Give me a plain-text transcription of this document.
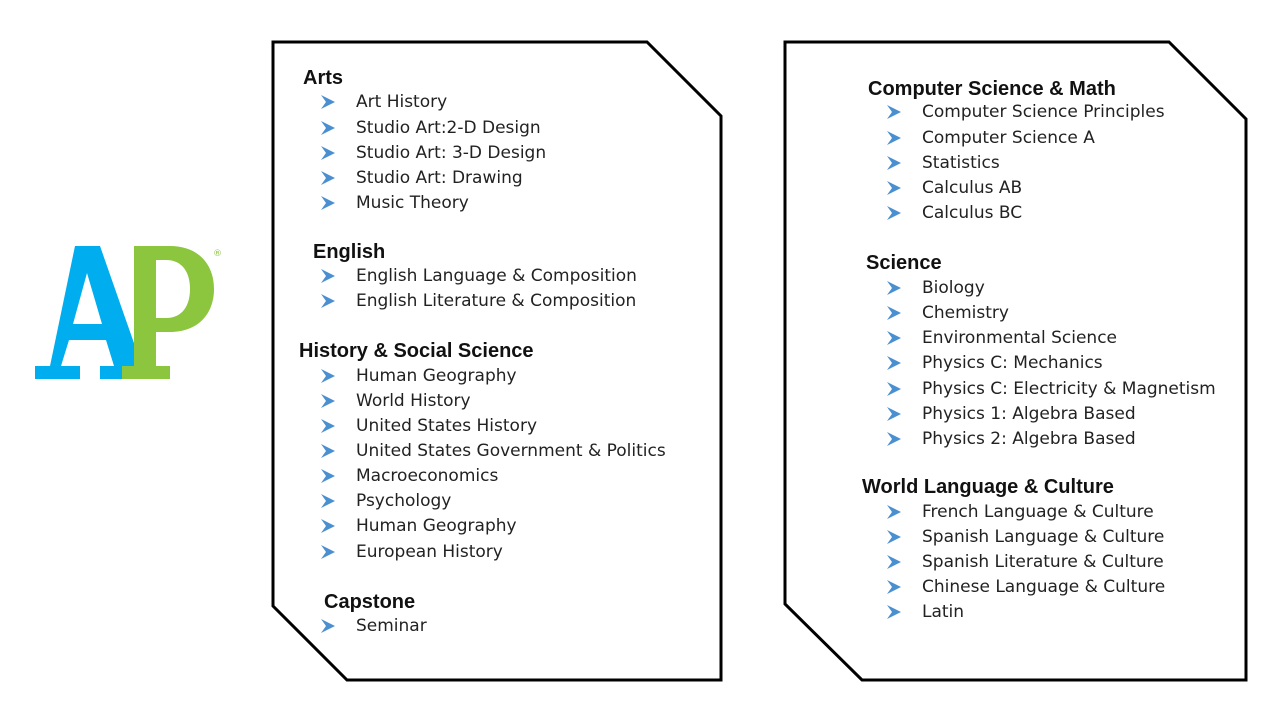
®
Arts
Art History
Studio Art:2-D Design
Studio Art: 3-D Design
Studio Art: Drawing
Music Theory
English
English Language & Composition
English Literature & Composition
History & Social Science
Human Geography
World History
United States History
United States Government & Politics
Macroeconomics
Psychology
Human Geography
European History
Capstone
Seminar
Computer Science & Math
Computer Science Principles
Computer Science A
Statistics
Calculus AB
Calculus BC
Science
Biology
Chemistry
Environmental Science
Physics C: Mechanics
Physics C: Electricity & Magnetism
Physics 1: Algebra Based
Physics 2: Algebra Based
World Language & Culture
French Language & Culture
Spanish Language & Culture
Spanish Literature & Culture
Chinese Language & Culture
Latin
